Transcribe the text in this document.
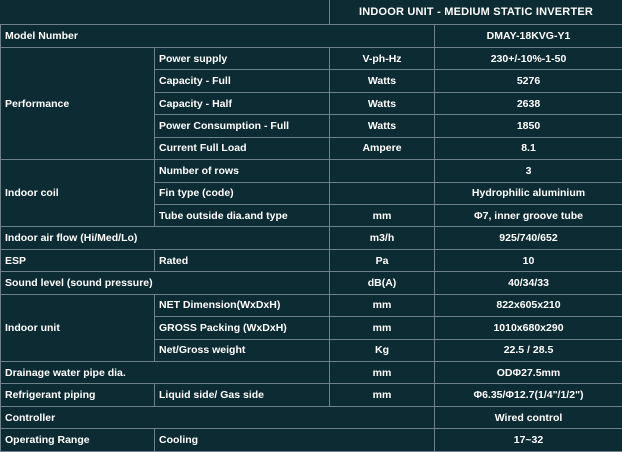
		INDOOR UNIT - MEDIUM STATIC INVERTER	
Model Number			DMAY-18KVG-Y1
Performance	Power supply	V-ph-Hz	230+/-10%-1-50
	Capacity - Full	Watts	5276
	Capacity - Half	Watts	2638
	Power Consumption - Full	Watts	1850
	Current Full Load	Ampere	8.1
Indoor coil	Number of rows		3
	Fin type (code)		Hydrophilic aluminium
	Tube outside dia.and type	mm	Φ7, inner groove tube
Indoor air flow (Hi/Med/Lo)		m3/h	925/740/652
ESP	Rated	Pa	10
Sound level (sound pressure)		dB(A)	40/34/33
Indoor unit	NET Dimension(WxDxH)	mm	822x605x210
	GROSS Packing (WxDxH)	mm	1010x680x290
	Net/Gross weight	Kg	22.5 / 28.5
Drainage water pipe dia.		mm	ODΦ27.5mm
Refrigerant piping	Liquid side/ Gas side	mm	Φ6.35/Φ12.7(1/4"/1/2")
Controller			Wired control
Operating Range	Cooling		17~32
